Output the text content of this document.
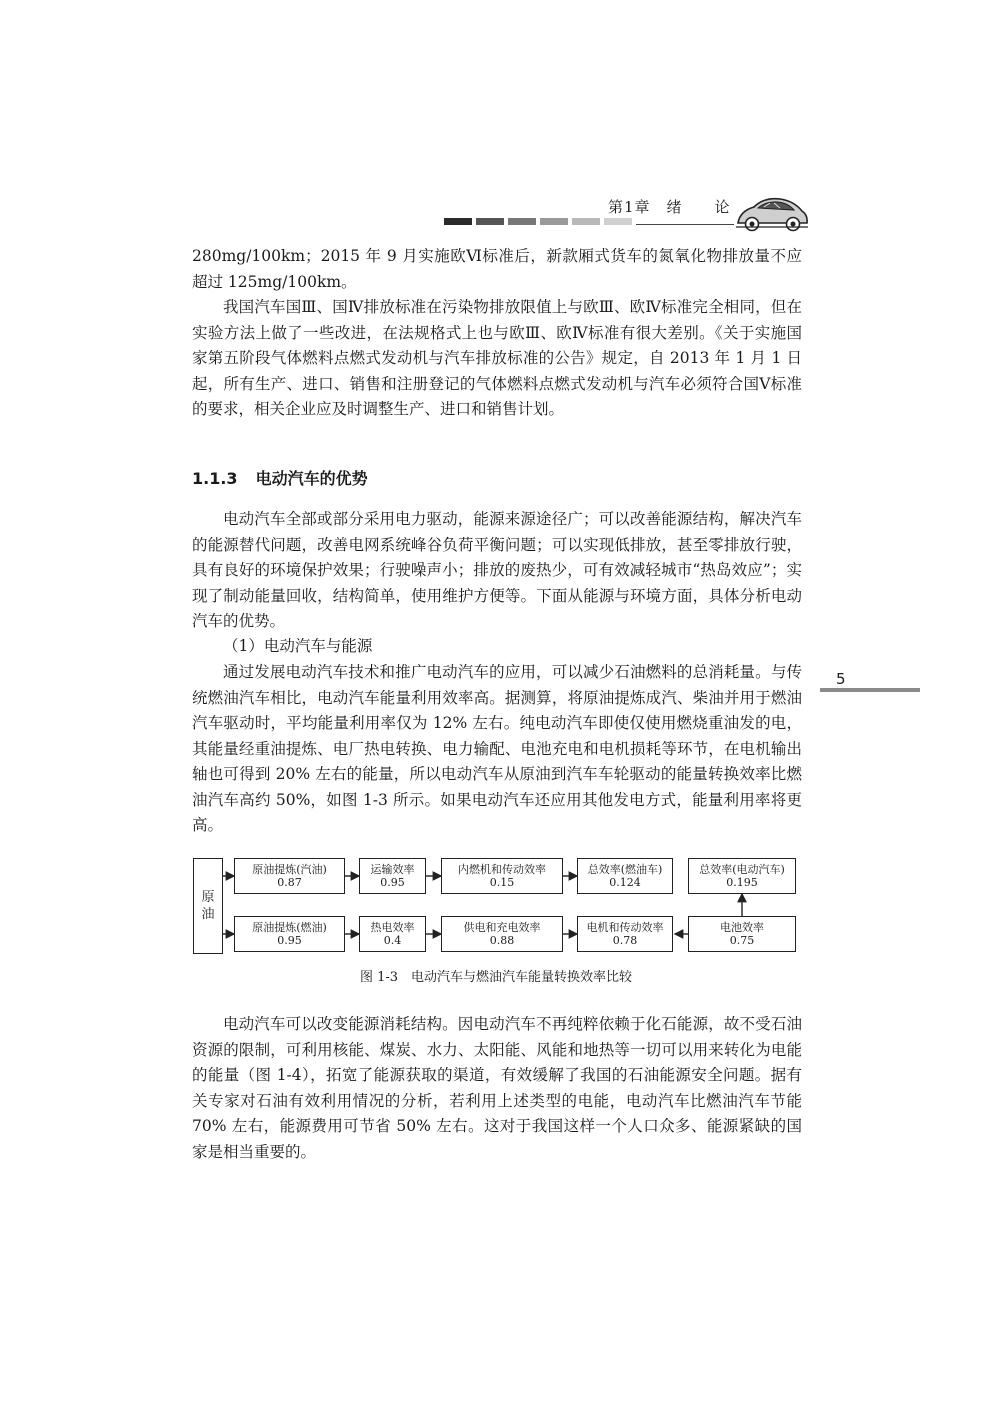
第1章　绪　　论
280mg/100km；2015 年 9 月实施欧Ⅵ标准后，新款厢式货车的氮氧化物排放量不应超过 125mg/100km。
我国汽车国Ⅲ、国Ⅳ排放标准在污染物排放限值上与欧Ⅲ、欧Ⅳ标准完全相同，但在实验方法上做了一些改进，在法规格式上也与欧Ⅲ、欧Ⅳ标准有很大差别。《关于实施国家第五阶段气体燃料点燃式发动机与汽车排放标准的公告》规定，自 2013 年 1 月 1 日起，所有生产、进口、销售和注册登记的气体燃料点燃式发动机与汽车必须符合国Ⅴ标准的要求，相关企业应及时调整生产、进口和销售计划。
1.1.3 电动汽车的优势
电动汽车全部或部分采用电力驱动，能源来源途径广；可以改善能源结构，解决汽车的能源替代问题，改善电网系统峰谷负荷平衡问题；可以实现低排放，甚至零排放行驶，具有良好的环境保护效果；行驶噪声小；排放的废热少，可有效减轻城市“热岛效应”；实现了制动能量回收，结构简单，使用维护方便等。下面从能源与环境方面，具体分析电动汽车的优势。
（1）电动汽车与能源
通过发展电动汽车技术和推广电动汽车的应用，可以减少石油燃料的总消耗量。与传统燃油汽车相比，电动汽车能量利用效率高。据测算，将原油提炼成汽、柴油并用于燃油汽车驱动时，平均能量利用率仅为 12% 左右。纯电动汽车即使仅使用燃烧重油发的电，其能量经重油提炼、电厂热电转换、电力输配、电池充电和电机损耗等环节，在电机输出轴也可得到 20% 左右的能量，所以电动汽车从原油到汽车车轮驱动的能量转换效率比燃油汽车高约 50%，如图 1-3 所示。如果电动汽车还应用其他发电方式，能量利用率将更高。
5
原
油
原油提炼(汽油)
0.87
运输效率
0.95
内燃机和传动效率
0.15
总效率(燃油车)
0.124
总效率(电动汽车)
0.195
原油提炼(燃油)
0.95
热电效率
0.4
供电和充电效率
0.88
电机和传动效率
0.78
电池效率
0.75
图 1-3　电动汽车与燃油汽车能量转换效率比较
电动汽车可以改变能源消耗结构。因电动汽车不再纯粹依赖于化石能源，故不受石油资源的限制，可利用核能、煤炭、水力、太阳能、风能和地热等一切可以用来转化为电能的能量（图 1-4），拓宽了能源获取的渠道，有效缓解了我国的石油能源安全问题。据有关专家对石油有效利用情况的分析，若利用上述类型的电能，电动汽车比燃油汽车节能 70% 左右，能源费用可节省 50% 左右。这对于我国这样一个人口众多、能源紧缺的国家是相当重要的。
